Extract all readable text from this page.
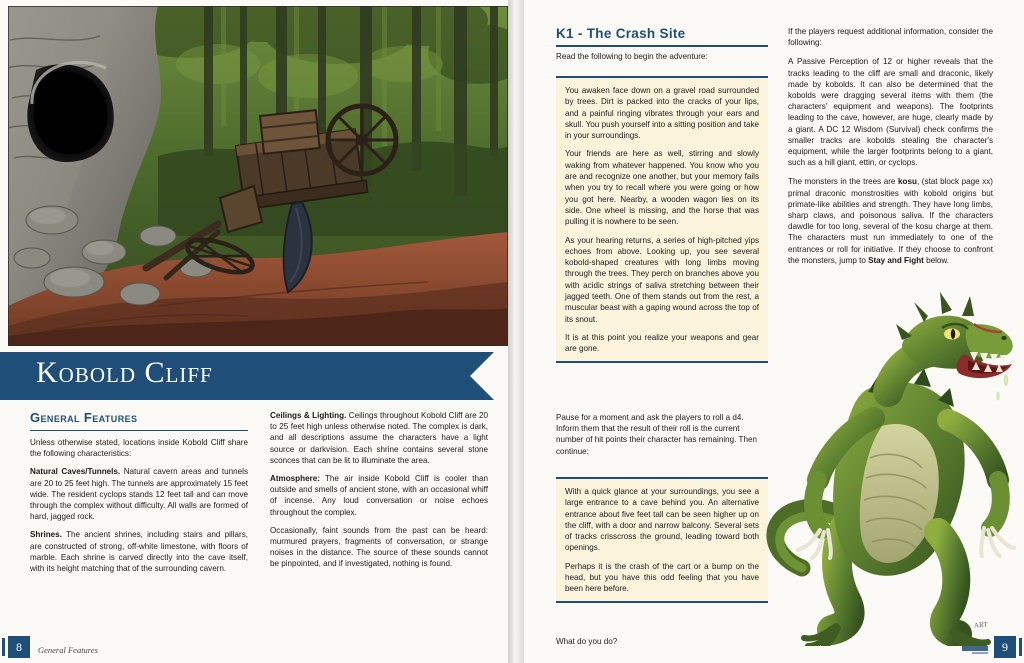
Kobold Cliff
General Features

Unless otherwise stated, locations inside Kobold Cliff share the following characteristics:

Natural Caves/Tunnels. Natural cavern areas and tunnels are 20 to 25 feet high. The tunnels are approximately 15 feet wide. The resident cyclops stands 12 feet tall and can move through the complex without difficulty. All walls are formed of hard, jagged rock.

Shrines. The ancient shrines, including stairs and pillars, are constructed of strong, off-white limestone, with floors of marble. Each shrine is carved directly into the cave itself, with its height matching that of the surrounding cavern.

Ceilings & Lighting. Ceilings throughout Kobold Cliff are 20 to 25 feet high unless otherwise noted. The complex is dark, and all descriptions assume the characters have a light source or darkvision. Each shrine contains several stone sconces that can be lit to illuminate the area.

Atmosphere: The air inside Kobold Cliff is cooler than outside and smells of ancient stone, with an occasional whiff of incense. Any loud conversation or noise echoes throughout the complex.

Occasionally, faint sounds from the past can be heard: murmured prayers, fragments of conversation, or strange noises in the distance. The source of these sounds cannot be pinpointed, and if investigated, nothing is found.

8	General Features
K1 - The Crash Site
Read the following to begin the adventure:

You awaken face down on a gravel road surrounded by trees. Dirt is packed into the cracks of your lips, and a painful ringing vibrates through your ears and skull. You push yourself into a sitting position and take in your surroundings.

Your friends are here as well, stirring and slowly waking from whatever happened. You know who you are and recognize one another, but your memory fails when you try to recall where you were going or how you got here. Nearby, a wooden wagon lies on its side. One wheel is missing, and the horse that was pulling it is nowhere to be seen.

As your hearing returns, a series of high-pitched yips echoes from above. Looking up, you see several kobold-shaped creatures with long limbs moving through the trees. They perch on branches above you with acidic strings of saliva stretching between their jagged teeth. One of them stands out from the rest, a muscular beast with a gaping wound across the top of its snout.

It is at this point you realize your weapons and gear are gone.

Pause for a moment and ask the players to roll a d4. Inform them that the result of their roll is the current number of hit points their character has remaining. Then continue:

With a quick glance at your surroundings, you see a large entrance to a cave behind you. An alternative entrance about five feet tall can be seen higher up on the cliff, with a door and narrow balcony. Several sets of tracks crisscross the ground, leading toward both openings.

Perhaps it is the crash of the cart or a bump on the head, but you have this odd feeling that you have been here before.

What do you do?

If the players request additional information, consider the following:

A Passive Perception of 12 or higher reveals that the tracks leading to the cliff are small and draconic, likely made by kobolds. It can also be determined that the kobolds were dragging several items with them (the characters' equipment and weapons). The footprints leading to the cave, however, are huge, clearly made by a giant. A DC 12 Wisdom (Survival) check confirms the smaller tracks are kobolds stealing the character's equipment, while the larger footprints belong to a giant, such as a hill giant, ettin, or cyclops.

The monsters in the trees are kosu, (stat block page xx) primal draconic monstrosities with kobold origins but primate-like abilities and strength. They have long limbs, sharp claws, and poisonous saliva. If the characters dawdle for too long, several of the kosu charge at them. The characters must run immediately to one of the entrances or roll for initiative. If they choose to confront the monsters, jump to Stay and Fight below.

ART
9
